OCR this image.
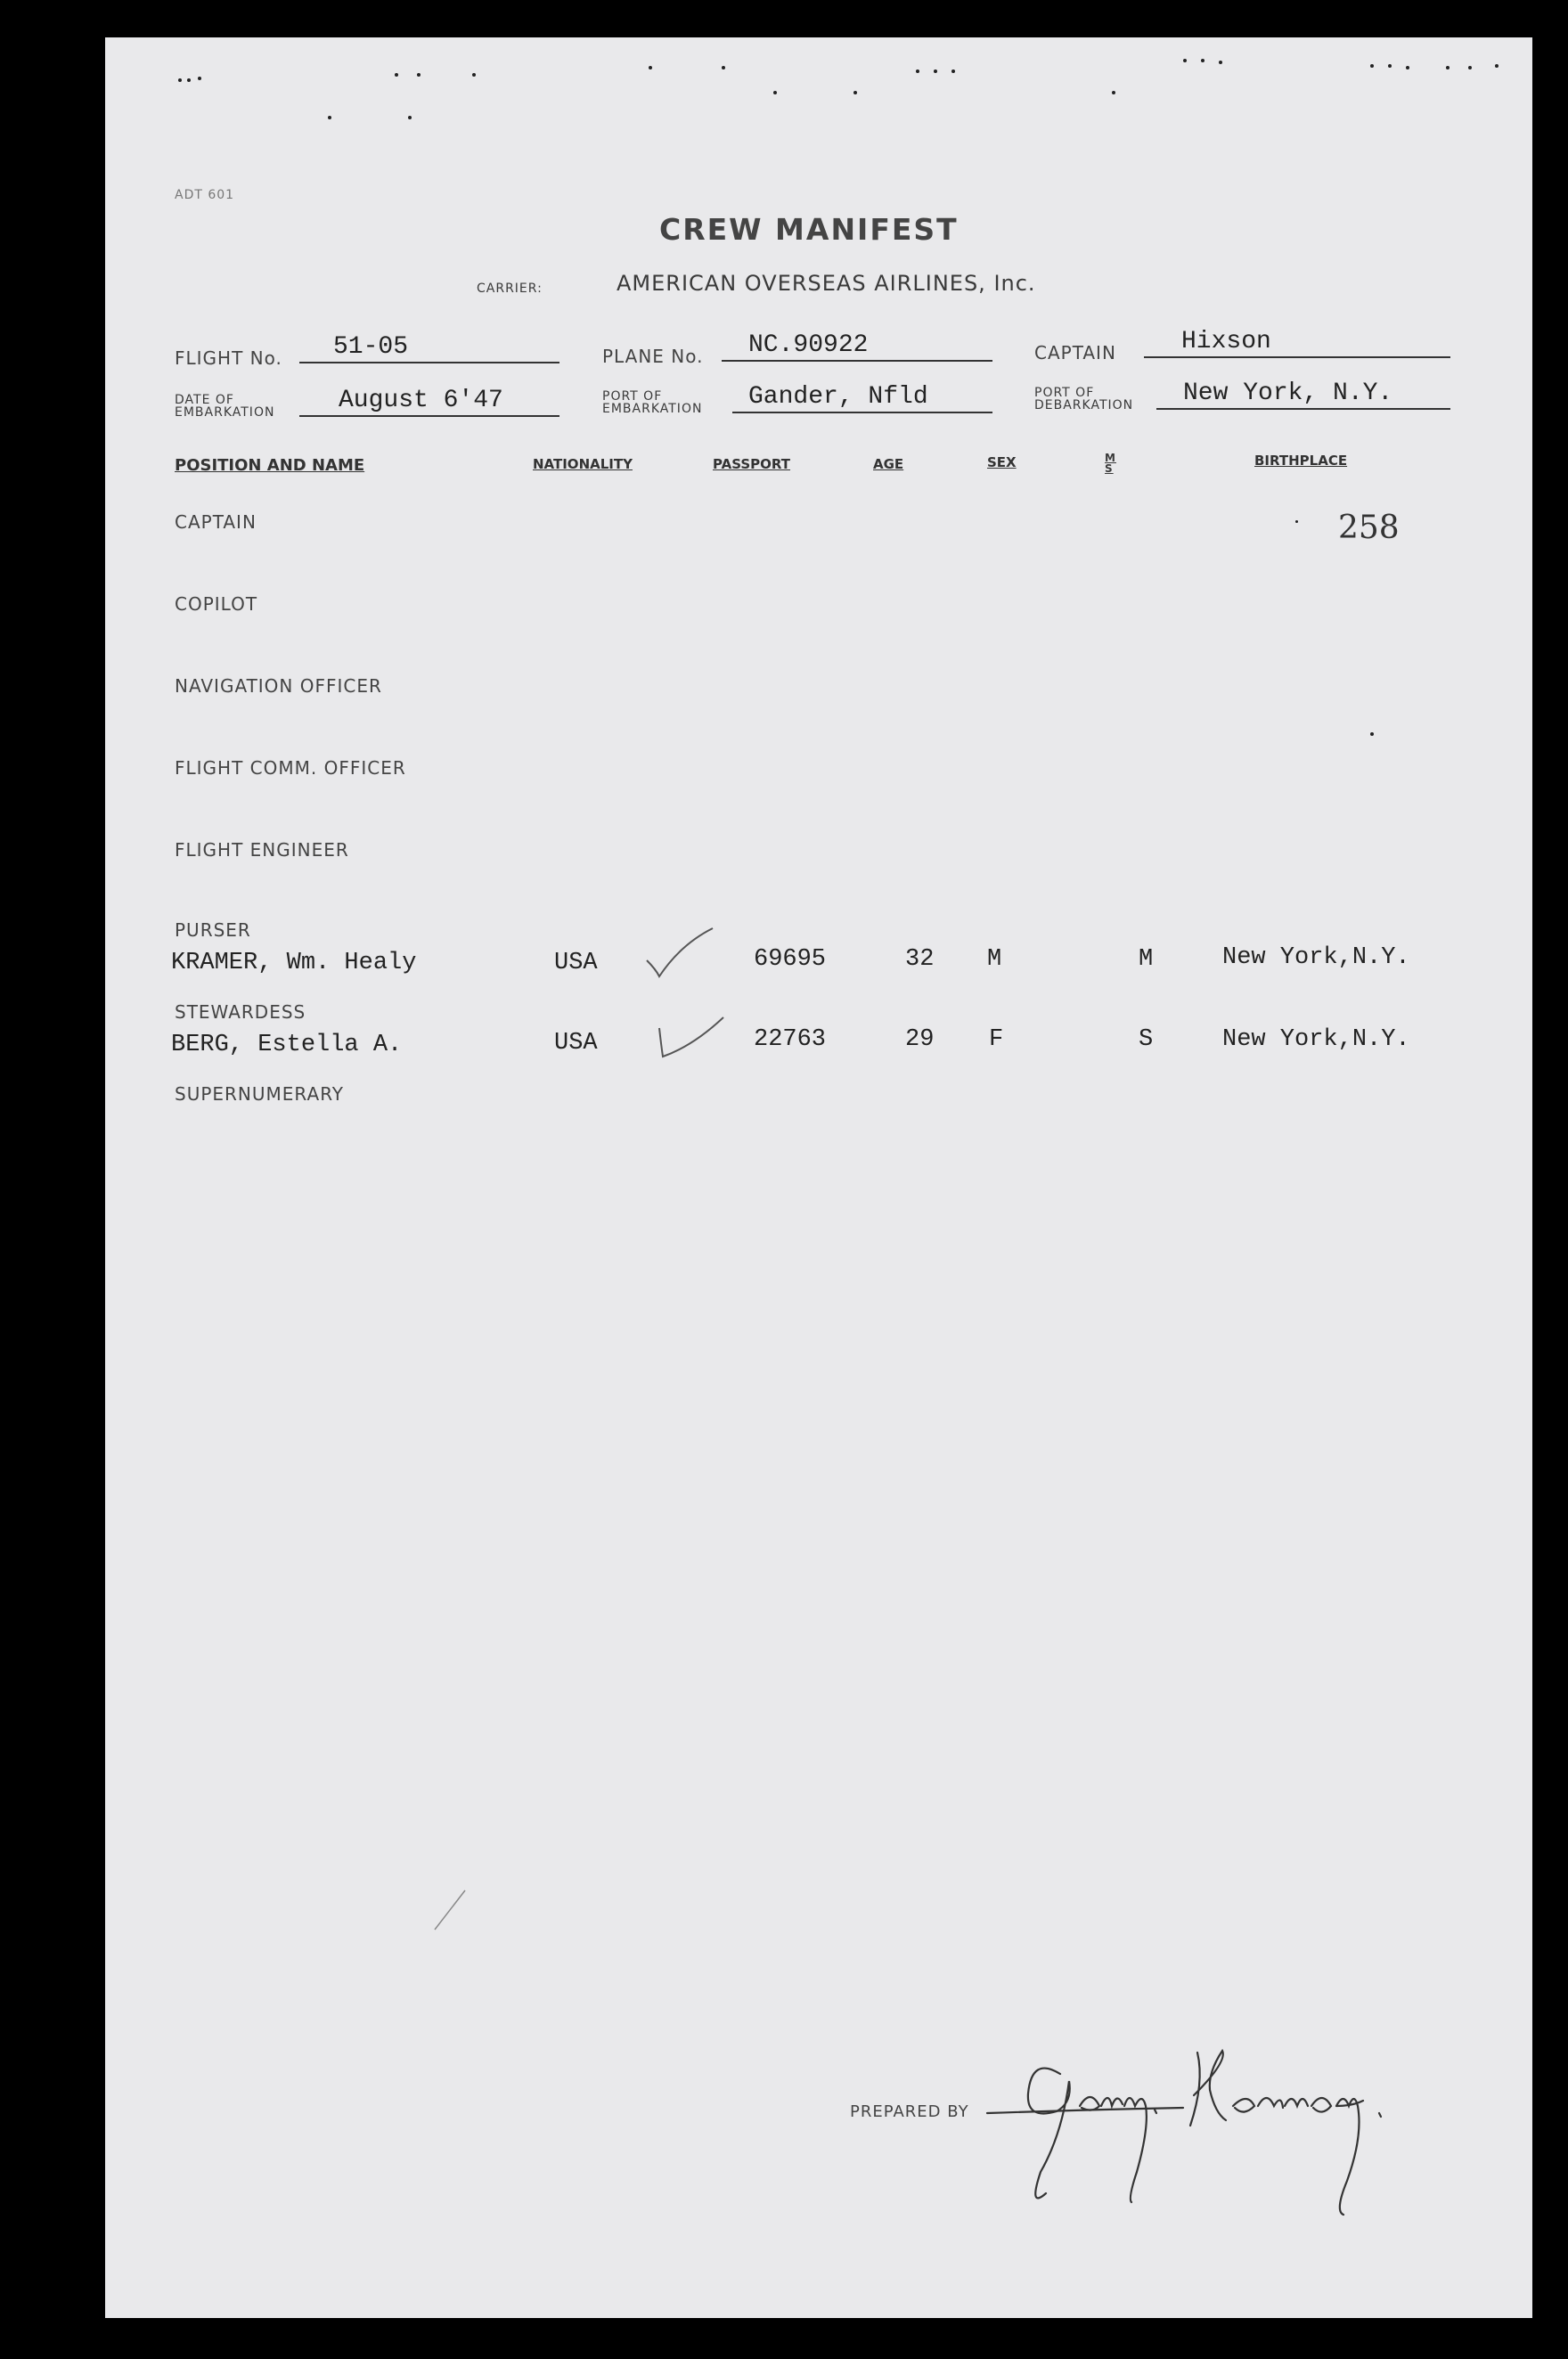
ADT 601
CREW MANIFEST
CARRIER:	AMERICAN OVERSEAS AIRLINES, Inc.
FLIGHT No. 51-05	PLANE No. NC.90922	CAPTAIN	Hixson
DATE OF
EMBARKATION	August 6'47	PORT OF
EMBARKATION Gander, Nfld	PORT OF
DEBARKATION New York, N.Y.
POSITION AND NAME	NATIONALITY	PASSPORT	AGE	SEX	M
S	BIRTHPLACE
258
CAPTAIN
COPILOT
NAVIGATION OFFICER
FLIGHT COMM. OFFICER
FLIGHT ENGINEER
PURSER
KRAMER, Wm. Healy	USA	69695	32 M	M	New York,N.Y.
STEWARDESS
BERG, Estella A.	USA	22763	29 F	S	New York,N.Y.
SUPERNUMERARY
PREPARED BY
